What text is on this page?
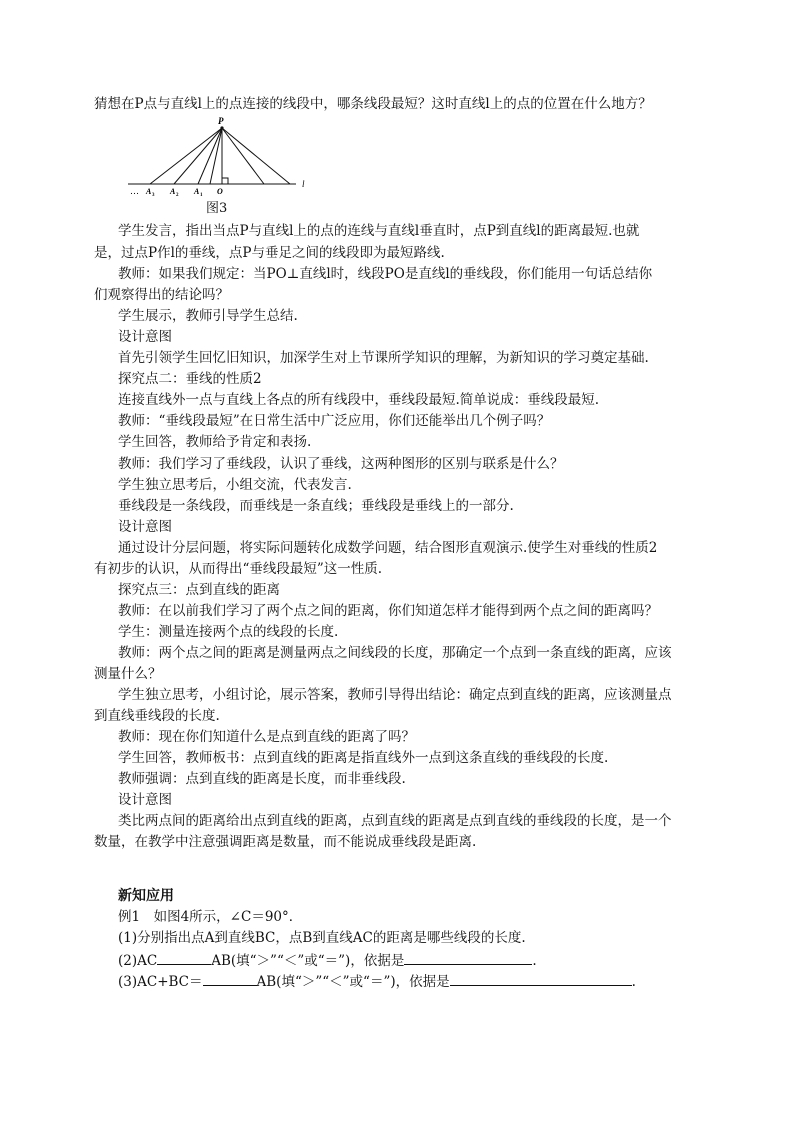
猜想在P点与直线l上的点连接的线段中，哪条线段最短？这时直线l上的点的位置在什么地方？
P
l
… A 3 A 2 A 1 O
图3
学生发言，指出当点P与直线l上的点的连线与直线l垂直时，点P到直线l的距离最短.也就
是，过点P作l的垂线，点P与垂足之间的线段即为最短路线.
教师：如果我们规定：当PO⊥直线l时，线段PO是直线l的垂线段，你们能用一句话总结你
们观察得出的结论吗？
学生展示，教师引导学生总结.
设计意图
首先引领学生回忆旧知识，加深学生对上节课所学知识的理解，为新知识的学习奠定基础.
探究点二：垂线的性质2
连接直线外一点与直线上各点的所有线段中，垂线段最短.简单说成：垂线段最短.
教师：“垂线段最短”在日常生活中广泛应用，你们还能举出几个例子吗？
学生回答，教师给予肯定和表扬.
教师：我们学习了垂线段，认识了垂线，这两种图形的区别与联系是什么？
学生独立思考后，小组交流，代表发言.
垂线段是一条线段，而垂线是一条直线；垂线段是垂线上的一部分.
设计意图
通过设计分层问题，将实际问题转化成数学问题，结合图形直观演示.使学生对垂线的性质2
有初步的认识，从而得出“垂线段最短”这一性质.
探究点三：点到直线的距离
教师：在以前我们学习了两个点之间的距离，你们知道怎样才能得到两个点之间的距离吗？
学生：测量连接两个点的线段的长度.
教师：两个点之间的距离是测量两点之间线段的长度，那确定一个点到一条直线的距离，应该
测量什么？
学生独立思考，小组讨论，展示答案，教师引导得出结论：确定点到直线的距离，应该测量点
到直线垂线段的长度.
教师：现在你们知道什么是点到直线的距离了吗？
学生回答，教师板书：点到直线的距离是指直线外一点到这条直线的垂线段的长度.
教师强调：点到直线的距离是长度，而非垂线段.
设计意图
类比两点间的距离给出点到直线的距离，点到直线的距离是点到直线的垂线段的长度，是一个
数量，在教学中注意强调距离是数量，而不能说成垂线段是距离.
新知应用
例1　如图4所示，∠C＝90°．
(1)分别指出点A到直线BC，点B到直线AC的距离是哪些线段的长度.
(2)AC	AB(填“＞”“＜”或“＝”)，依据是	.
(3)AC+BC＝	AB(填“＞”“＜”或“＝”)，依据是	.
